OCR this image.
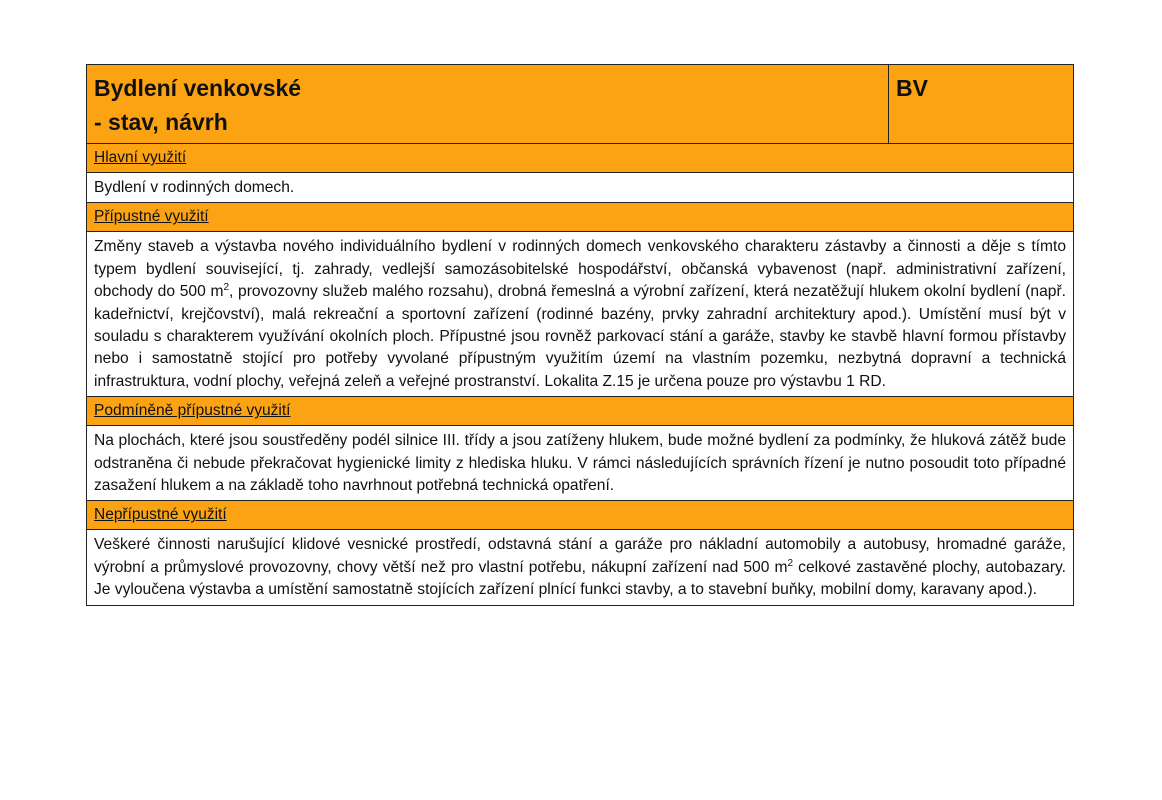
Bydlení venkovské
- stav, návrh
	BV
Hlavní využití
Bydlení v rodinných domech.
Přípustné využití
Změny staveb a výstavba nového individuálního bydlení v rodinných domech venkovského charakteru zástavby a činnosti a děje s tímto typem bydlení související, tj. zahrady, vedlejší samozásobitelské hospodářství, občanská vybavenost (např. administrativní zařízení, obchody do 500 $m^2$, provozovny služeb malého rozsahu), drobná řemeslná a výrobní zařízení, která nezatěžují hlukem okolní bydlení (např. kadeřnictví, krejčovství), malá rekreační a sportovní zařízení (rodinné bazény, prvky zahradní architektury apod.). Umístění musí být v souladu s charakterem využívání okolních ploch. Přípustné jsou rovněž parkovací stání a garáže, stavby ke stavbě hlavní formou přístavby nebo i samostatně stojící pro potřeby vyvolané přípustným využitím území na vlastním pozemku, nezbytná dopravní a technická infrastruktura, vodní plochy, veřejná zeleň a veřejné prostranství. Lokalita Z.15 je určena pouze pro výstavbu 1 RD.
Podmíněně přípustné využití
Na plochách, které jsou soustředěny podél silnice III. třídy a jsou zatíženy hlukem, bude možné bydlení za podmínky, že hluková zátěž bude odstraněna či nebude překračovat hygienické limity z hlediska hluku. V rámci následujících správních řízení je nutno posoudit toto případné zasažení hlukem a na základě toho navrhnout potřebná technická opatření.
Nepřípustné využití
Veškeré činnosti narušující klidové vesnické prostředí, odstavná stání a garáže pro nákladní automobily a autobusy, hromadné garáže, výrobní a průmyslové provozovny, chovy větší než pro vlastní potřebu, nákupní zařízení nad 500 $m^2$ celkové zastavěné plochy, autobazary. Je vyloučena výstavba a umístění samostatně stojících zařízení plnící funkci stavby, a to stavební buňky, mobilní domy, karavany apod.).
